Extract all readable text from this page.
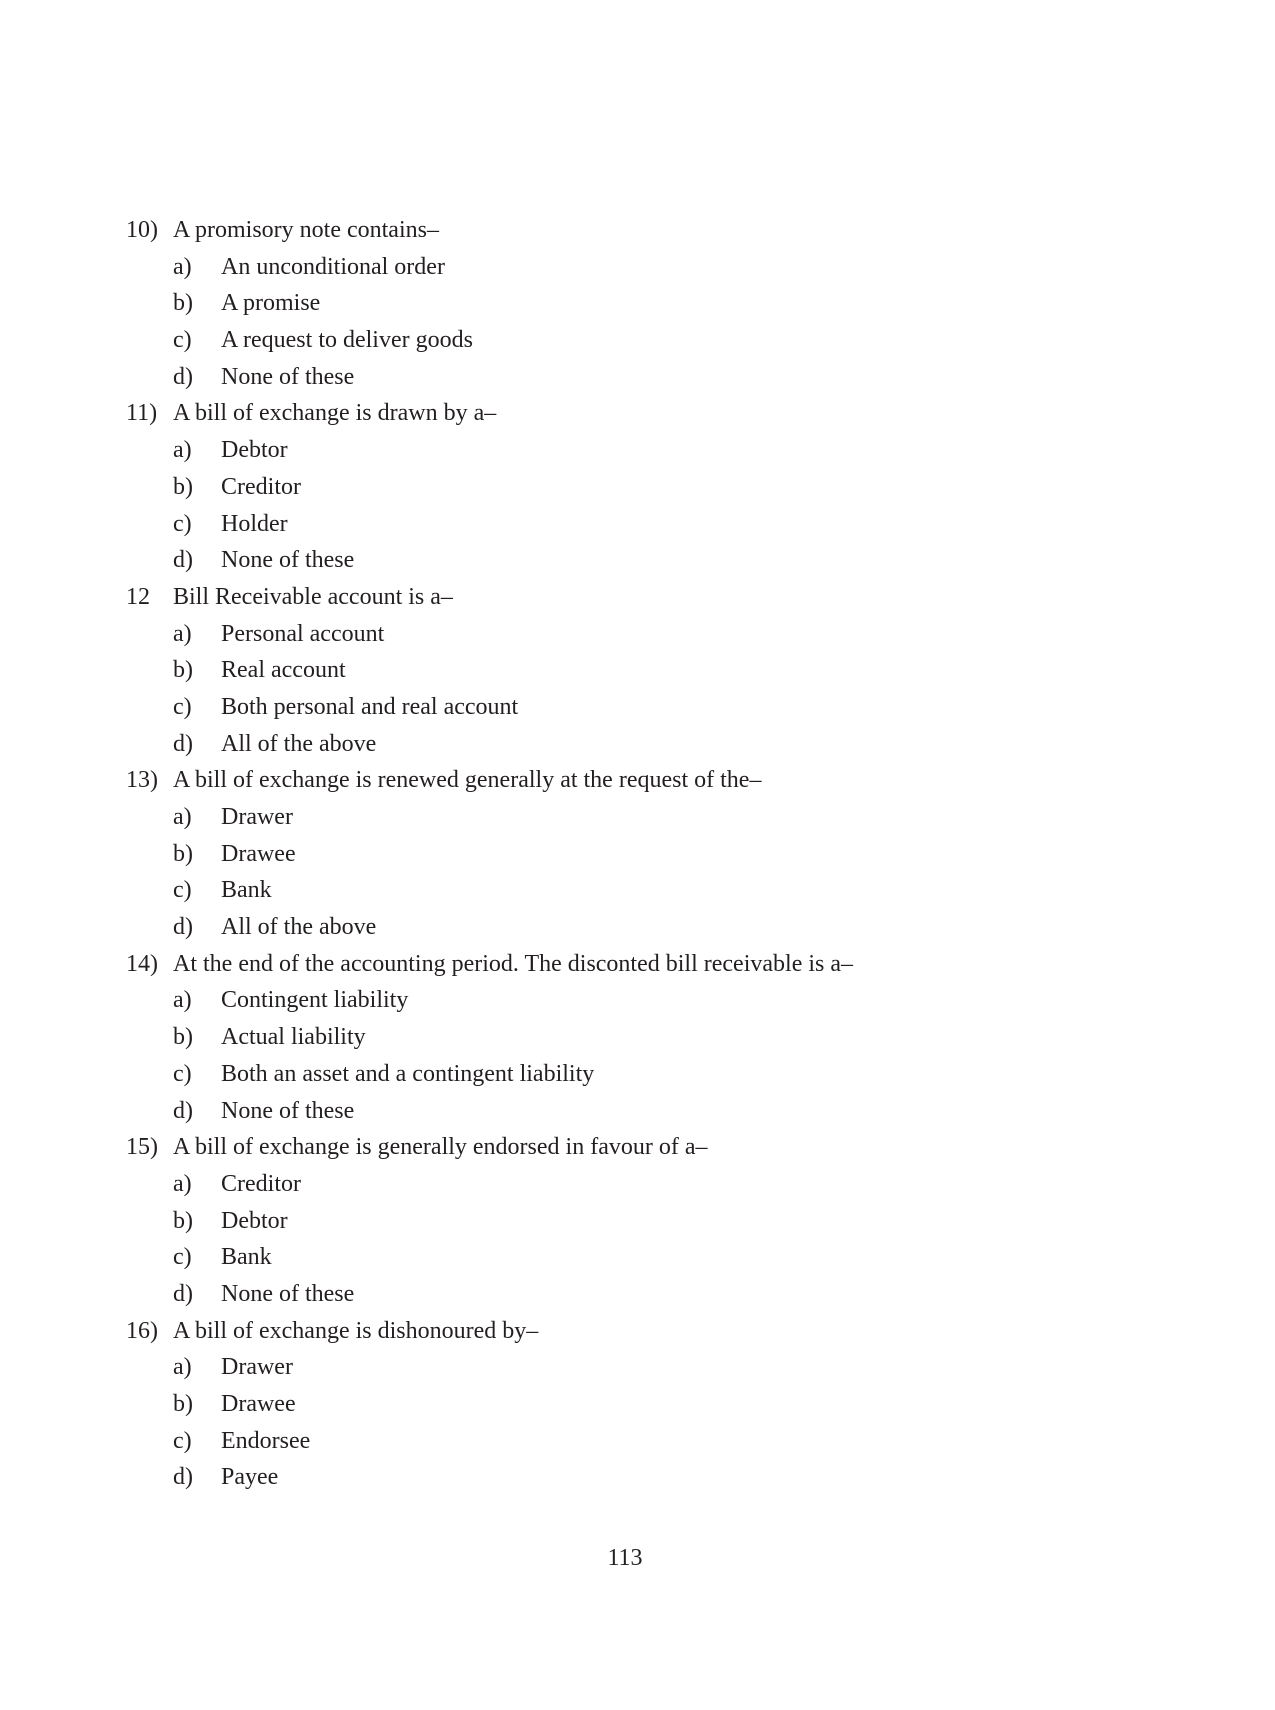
10) A promisory note contains–
a) An unconditional order
b) A promise
c) A request to deliver goods
d) None of these
11) A bill of exchange is drawn by a–
a) Debtor
b) Creditor
c) Holder
d) None of these
12 Bill Receivable account is a–
a) Personal account
b) Real account
c) Both personal and real account
d) All of the above
13) A bill of exchange is renewed generally at the request of the–
a) Drawer
b) Drawee
c) Bank
d) All of the above
14) At the end of the accounting period. The disconted bill receivable is a–
a) Contingent liability
b) Actual liability
c) Both an asset and a contingent liability
d) None of these
15) A bill of exchange is generally endorsed in favour of a–
a) Creditor
b) Debtor
c) Bank
d) None of these
16) A bill of exchange is dishonoured by–
a) Drawer
b) Drawee
c) Endorsee
d) Payee
113
